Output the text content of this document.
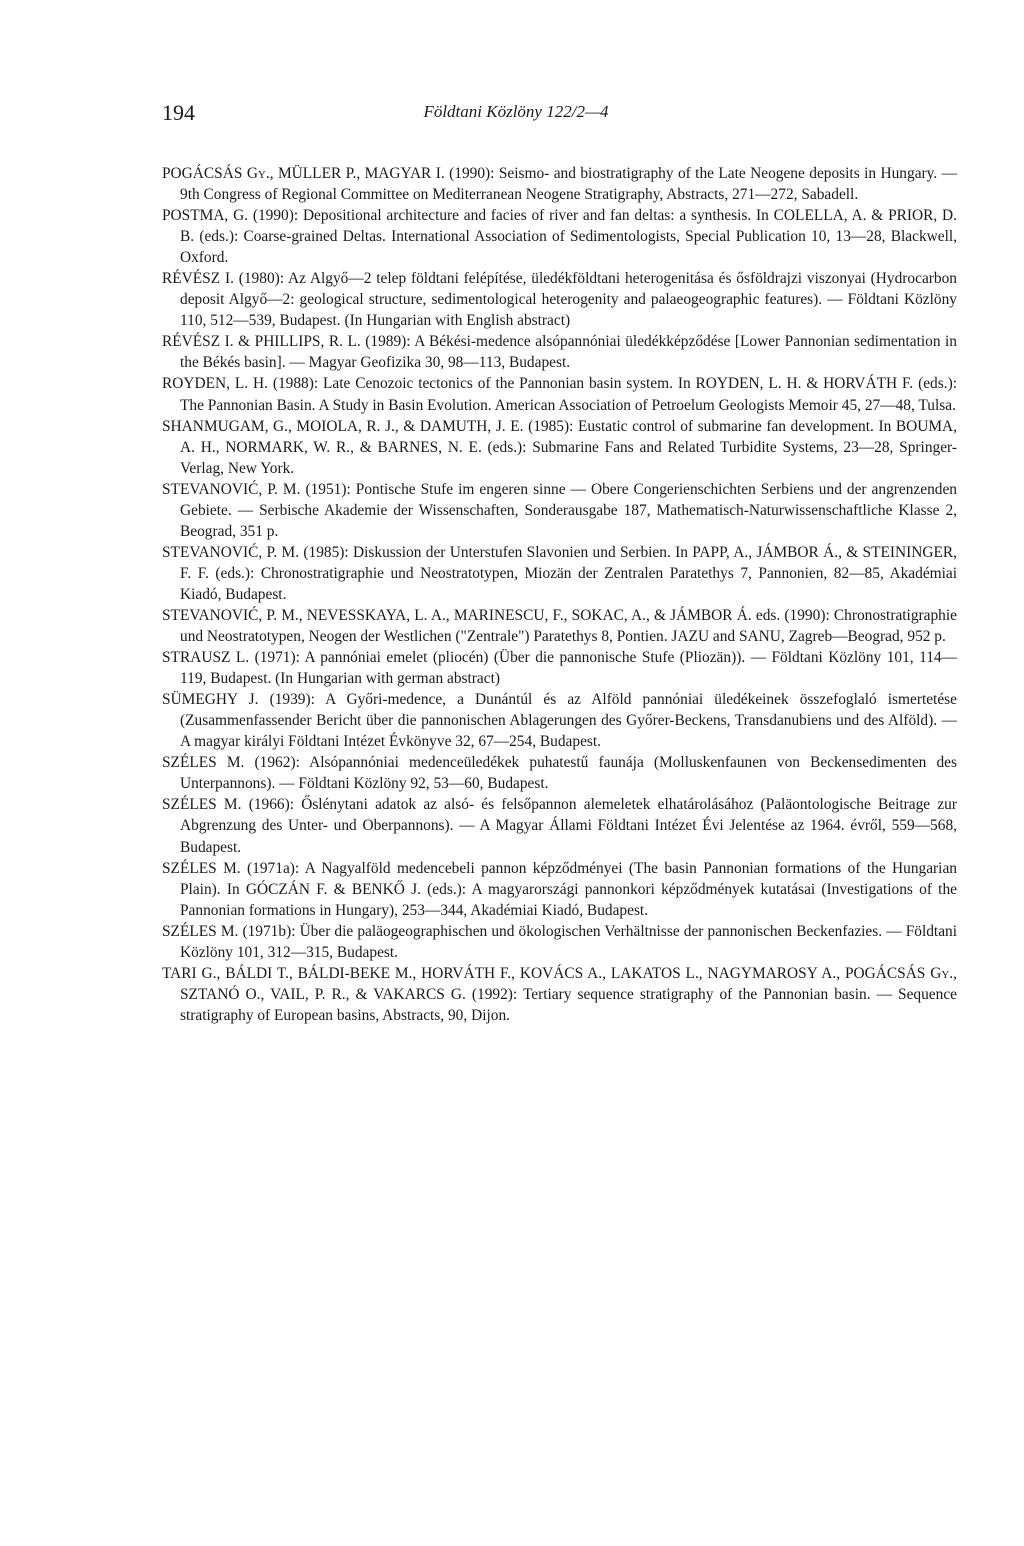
194	Földtani Közlöny 122/2—4

POGÁCSÁS Gy., MÜLLER P., MAGYAR I. (1990): Seismo- and biostratigraphy of the Late Neogene deposits in Hungary. — 9th Congress of Regional Committee on Mediterranean Neogene Stratigraphy, Abstracts, 271—272, Sabadell.

POSTMA, G. (1990): Depositional architecture and facies of river and fan deltas: a synthesis. In COLELLA, A. & PRIOR, D. B. (eds.): Coarse-grained Deltas. International Association of Sedimentologists, Special Publication 10, 13—28, Blackwell, Oxford.

RÉVÉSZ I. (1980): Az Algyő—2 telep földtani felépítése, üledékföldtani heterogenitása és ősföldrajzi viszonyai (Hydrocarbon deposit Algyő—2: geological structure, sedimentological heterogenity and palaeogeographic features). — Földtani Közlöny 110, 512—539, Budapest. (In Hungarian with English abstract)

RÉVÉSZ I. & PHILLIPS, R. L. (1989): A Békési-medence alsópannóniai üledékképződése [Lower Pannonian sedimentation in the Békés basin]. — Magyar Geofizika 30, 98—113, Budapest.

ROYDEN, L. H. (1988): Late Cenozoic tectonics of the Pannonian basin system. In ROYDEN, L. H. & HORVÁTH F. (eds.): The Pannonian Basin. A Study in Basin Evolution. American Association of Petroelum Geologists Memoir 45, 27—48, Tulsa.

SHANMUGAM, G., MOIOLA, R. J., & DAMUTH, J. E. (1985): Eustatic control of submarine fan development. In BOUMA, A. H., NORMARK, W. R., & BARNES, N. E. (eds.): Submarine Fans and Related Turbidite Systems, 23—28, Springer-Verlag, New York.

STEVANOVIĆ, P. M. (1951): Pontische Stufe im engeren sinne — Obere Congerienschichten Serbiens und der angrenzenden Gebiete. — Serbische Akademie der Wissenschaften, Sonderausgabe 187, Mathematisch-Naturwissenschaftliche Klasse 2, Beograd, 351 p.

STEVANOVIĆ, P. M. (1985): Diskussion der Unterstufen Slavonien und Serbien. In PAPP, A., JÁMBOR Á., & STEININGER, F. F. (eds.): Chronostratigraphie und Neostratotypen, Miozän der Zentralen Paratethys 7, Pannonien, 82—85, Akadémiai Kiadó, Budapest.

STEVANOVIĆ, P. M., NEVESSKAYA, L. A., MARINESCU, F., SOKAC, A., & JÁMBOR Á. eds. (1990): Chronostratigraphie und Neostratotypen, Neogen der Westlichen ("Zentrale") Paratethys 8, Pontien. JAZU and SANU, Zagreb—Beograd, 952 p.

STRAUSZ L. (1971): A pannóniai emelet (pliocén) (Über die pannonische Stufe (Pliozän)). — Földtani Közlöny 101, 114—119, Budapest. (In Hungarian with german abstract)

SÜMEGHY J. (1939): A Győri-medence, a Dunántúl és az Alföld pannóniai üledékeinek összefoglaló ismertetése (Zusammenfassender Bericht über die pannonischen Ablagerungen des Győrer-Beckens, Transdanubiens und des Alföld). — A magyar királyi Földtani Intézet Évkönyve 32, 67—254, Budapest.

SZÉLES M. (1962): Alsópannóniai medenceüledékek puhatestű faunája (Molluskenfaunen von Beckensedimenten des Unterpannons). — Földtani Közlöny 92, 53—60, Budapest.

SZÉLES M. (1966): Őslénytani adatok az alsó- és felsőpannon alemeletek elhatárolásához (Paläontologische Beitrage zur Abgrenzung des Unter- und Oberpannons). — A Magyar Állami Földtani Intézet Évi Jelentése az 1964. évről, 559—568, Budapest.

SZÉLES M. (1971a): A Nagyalföld medencebeli pannon képződményei (The basin Pannonian formations of the Hungarian Plain). In GÓCZÁN F. & BENKŐ J. (eds.): A magyarországi pannonkori képződmények kutatásai (Investigations of the Pannonian formations in Hungary), 253—344, Akadémiai Kiadó, Budapest.

SZÉLES M. (1971b): Über die paläogeographischen und ökologischen Verhältnisse der pannonischen Beckenfazies. — Földtani Közlöny 101, 312—315, Budapest.

TARI G., BÁLDI T., BÁLDI-BEKE M., HORVÁTH F., KOVÁCS A., LAKATOS L., NAGYMAROSY A., POGÁCSÁS Gy., SZTANÓ O., VAIL, P. R., & VAKARCS G. (1992): Tertiary sequence stratigraphy of the Pannonian basin. — Sequence stratigraphy of European basins, Abstracts, 90, Dijon.
